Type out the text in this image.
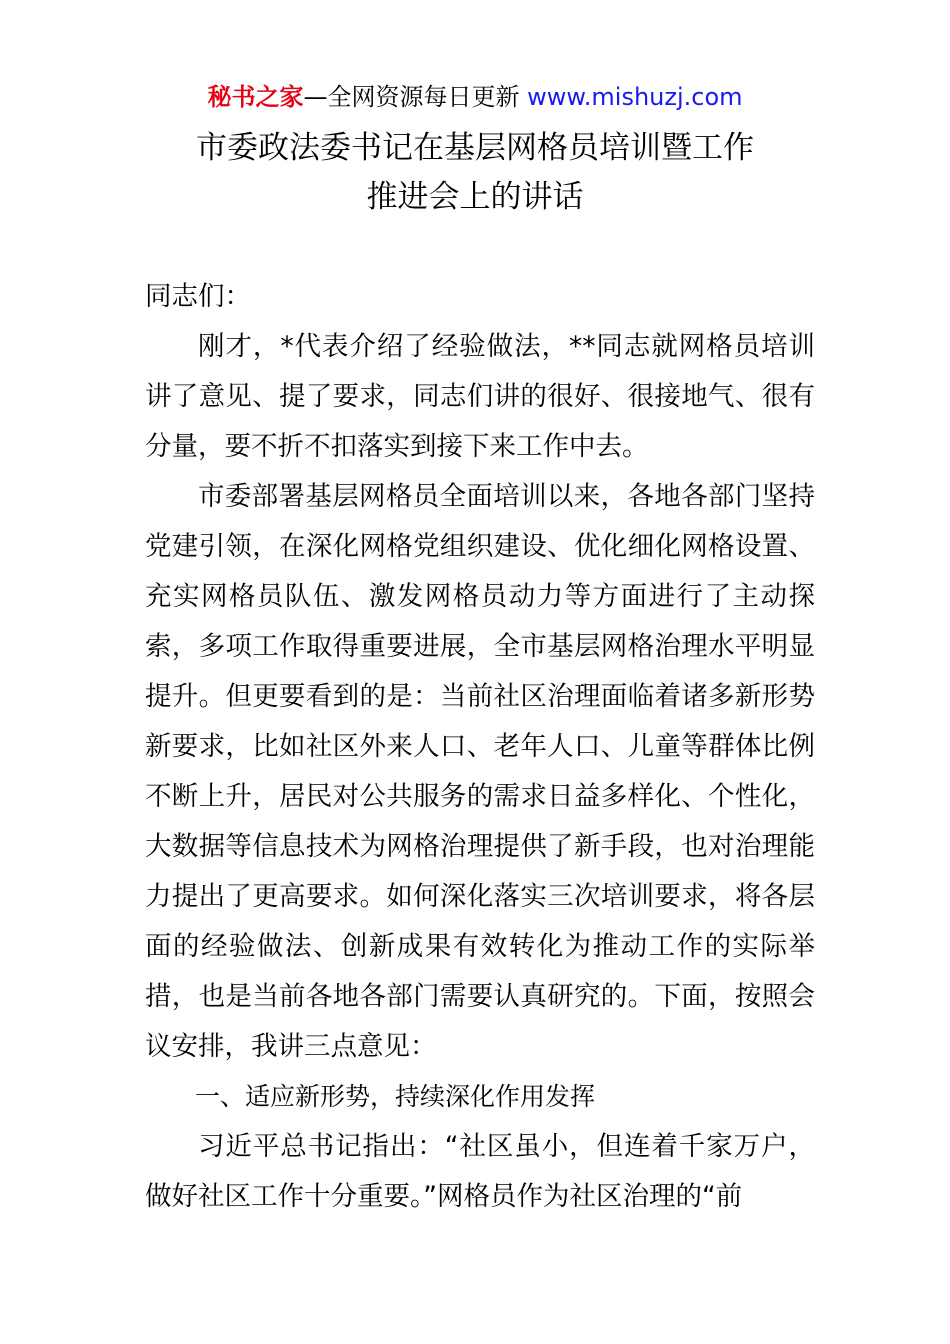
秘书之家—全网资源每日更新 www.mishuzj.com
市委政法委书记在基层网格员培训暨工作
推进会上的讲话

同志们：

刚才，*代表介绍了经验做法，**同志就网格员培训讲了意见、提了要求，同志们讲的很好、很接地气、很有分量，要不折不扣落实到接下来工作中去。

市委部署基层网格员全面培训以来，各地各部门坚持党建引领，在深化网格党组织建设、优化细化网格设置、充实网格员队伍、激发网格员动力等方面进行了主动探索，多项工作取得重要进展，全市基层网格治理水平明显提升。但更要看到的是：当前社区治理面临着诸多新形势新要求，比如社区外来人口、老年人口、儿童等群体比例不断上升，居民对公共服务的需求日益多样化、个性化，大数据等信息技术为网格治理提供了新手段，也对治理能力提出了更高要求。如何深化落实三次培训要求，将各层面的经验做法、创新成果有效转化为推动工作的实际举措，也是当前各地各部门需要认真研究的。下面，按照会议安排，我讲三点意见：

一、适应新形势，持续深化作用发挥

习近平总书记指出：“社区虽小，但连着千家万户，做好社区工作十分重要。”网格员作为社区治理的“前
